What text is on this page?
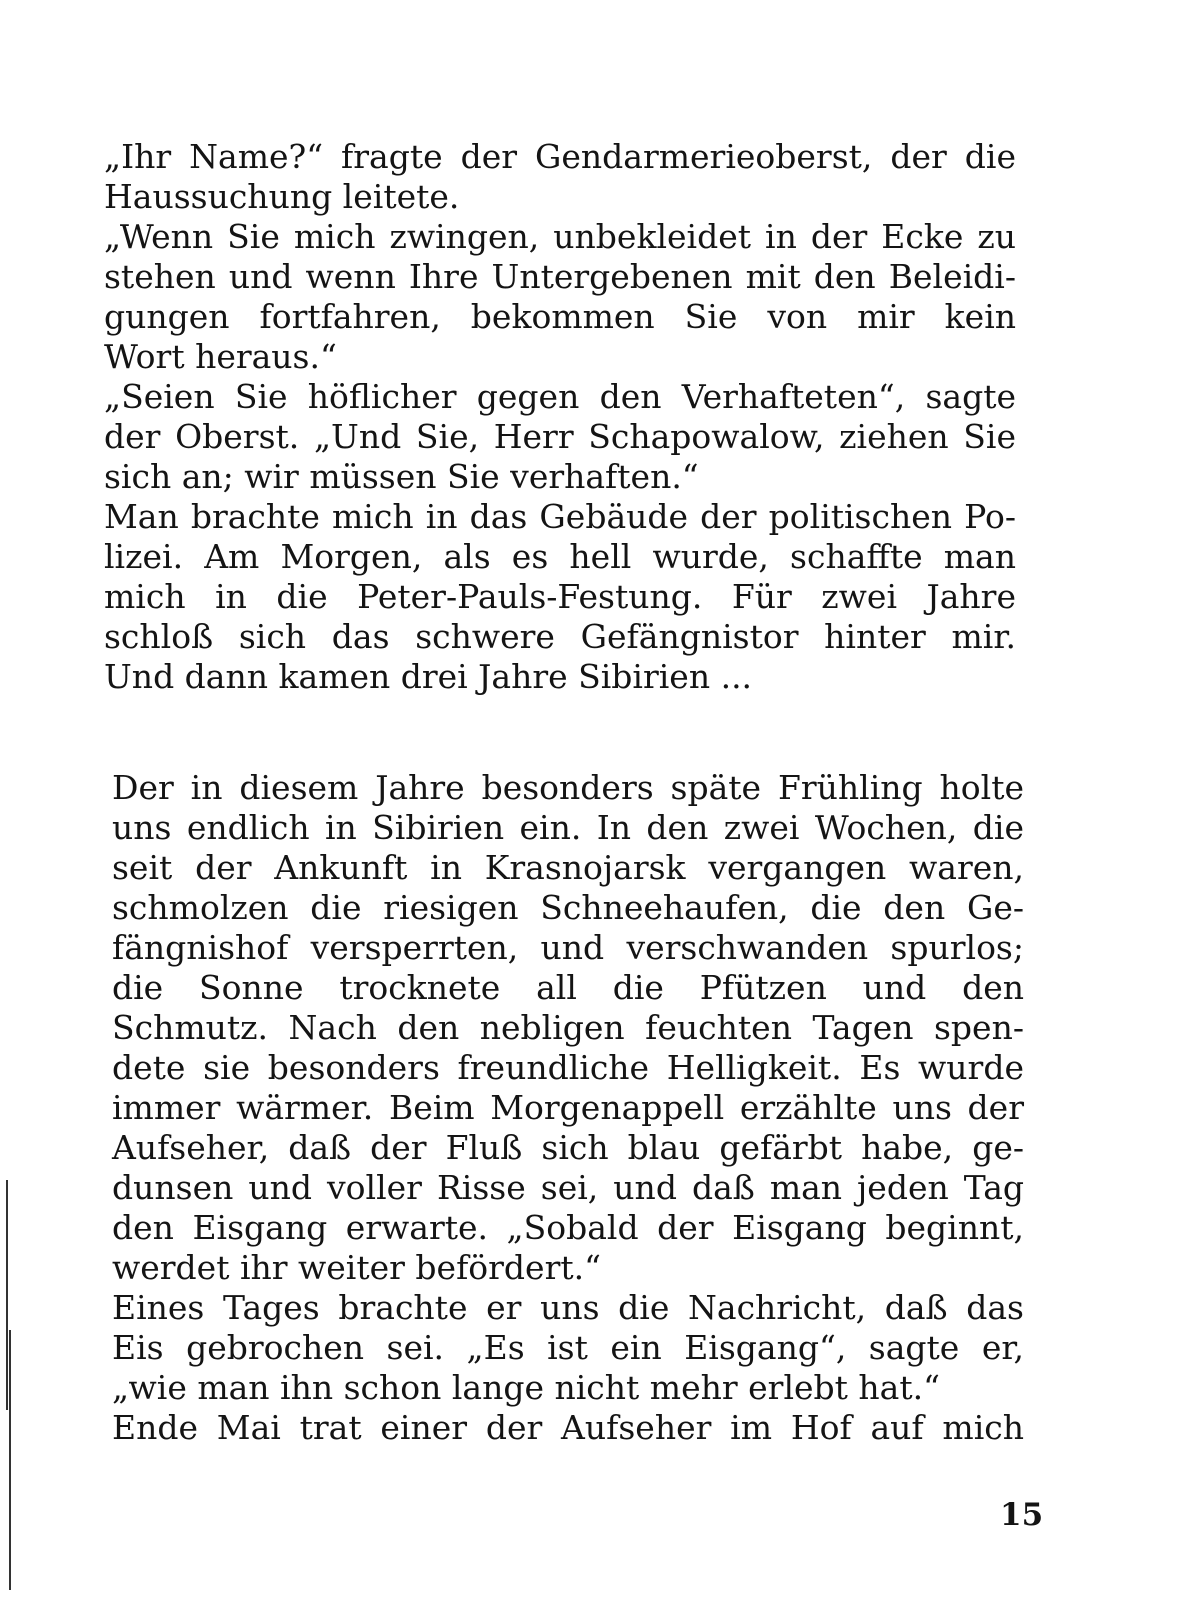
„Ihr Name?“ fragte der Gendarmerieoberst, der die
Haussuchung leitete.
„Wenn Sie mich zwingen, unbekleidet in der Ecke zu
stehen und wenn Ihre Untergebenen mit den Beleidi-
gungen fortfahren, bekommen Sie von mir kein
Wort heraus.“
„Seien Sie höflicher gegen den Verhafteten“, sagte
der Oberst. „Und Sie, Herr Schapowalow, ziehen Sie
sich an; wir müssen Sie verhaften.“
Man brachte mich in das Gebäude der politischen Po-
lizei. Am Morgen, als es hell wurde, schaffte man
mich in die Peter-Pauls-Festung. Für zwei Jahre
schloß sich das schwere Gefängnistor hinter mir.
Und dann kamen drei Jahre Sibirien ...
Der in diesem Jahre besonders späte Frühling holte
uns endlich in Sibirien ein. In den zwei Wochen, die
seit der Ankunft in Krasnojarsk vergangen waren,
schmolzen die riesigen Schneehaufen, die den Ge-
fängnishof versperrten, und verschwanden spurlos;
die Sonne trocknete all die Pfützen und den
Schmutz. Nach den nebligen feuchten Tagen spen-
dete sie besonders freundliche Helligkeit. Es wurde
immer wärmer. Beim Morgenappell erzählte uns der
Aufseher, daß der Fluß sich blau gefärbt habe, ge-
dunsen und voller Risse sei, und daß man jeden Tag
den Eisgang erwarte. „Sobald der Eisgang beginnt,
werdet ihr weiter befördert.“
Eines Tages brachte er uns die Nachricht, daß das
Eis gebrochen sei. „Es ist ein Eisgang“, sagte er,
„wie man ihn schon lange nicht mehr erlebt hat.“
Ende Mai trat einer der Aufseher im Hof auf mich
15
